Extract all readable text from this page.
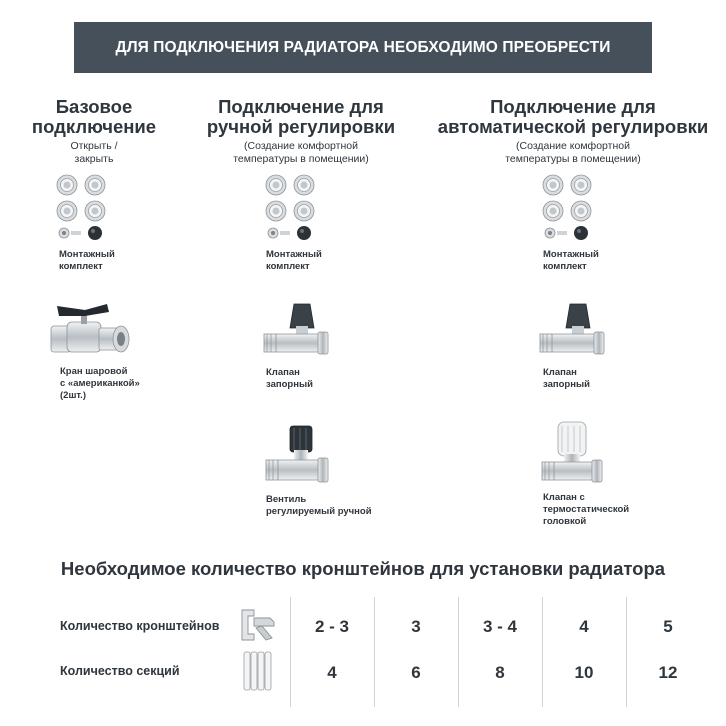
ДЛЯ ПОДКЛЮЧЕНИЯ РАДИАТОРА НЕОБХОДИМО ПРЕОБРЕСТИ
Базовое
подключение
Открыть /
закрыть
Монтажный
комплект
Кран шаровой
с «американкой»
(2шт.)
Подключение для
ручной регулировки
(Создание комфортной
температуры в помещении)
Монтажный
комплект
Клапан
запорный
Вентиль
регулируемый ручной
Подключение для
автоматической регулировки
(Создание комфортной
температуры в помещении)
Монтажный
комплект
Клапан
запорный
Клапан с
термостатической
головкой
Необходимое количество кронштейнов для установки радиатора
Количество кронштейнов	2 - 3	3	3 - 4	4	5
Количество секций	4	6	8	10	12
